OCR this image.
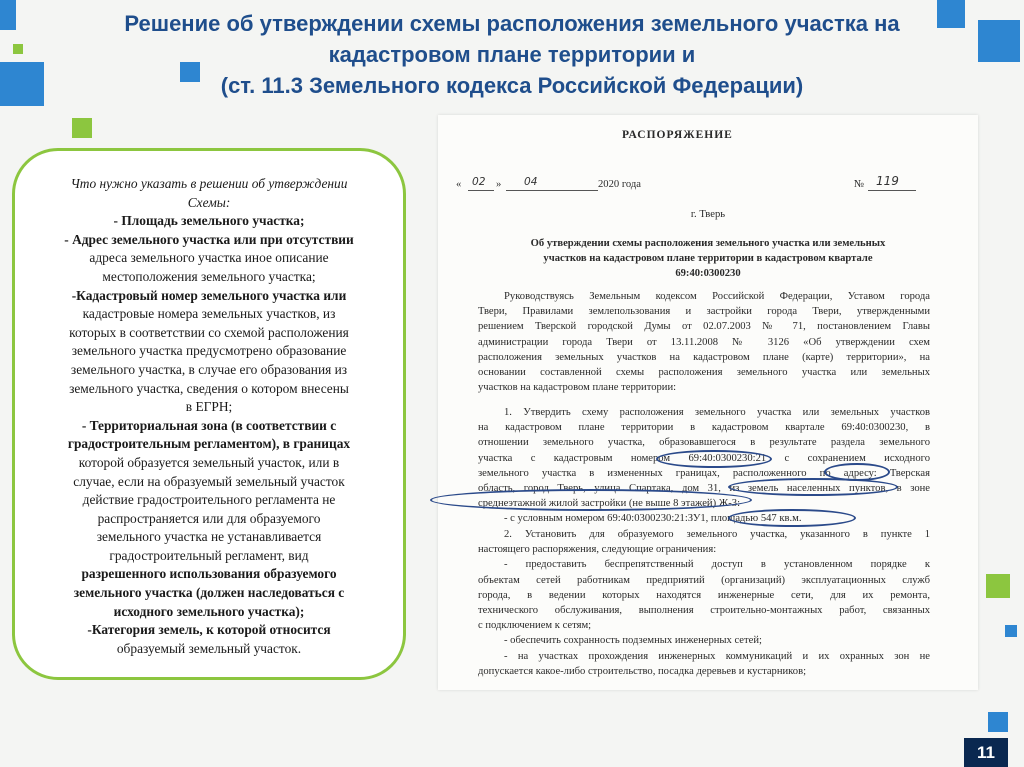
Решение об утверждении схемы расположения земельного участка на
кадастровом плане территории и
(ст. 11.3 Земельного кодекса Российской Федерации)
Что нужно указать в решении об утверждении
Схемы:
- Площадь земельного участка;
- Адрес земельного участка или при отсутствии
адреса земельного участка иное описание
местоположения земельного участка;
-Кадастровый номер земельного участка или
кадастровые номера земельных участков, из
которых в соответствии со схемой расположения
земельного участка предусмотрено образование
земельного участка, в случае его образования из
земельного участка, сведения о котором внесены
в ЕГРН;
- Территориальная зона (в соответствии с
градостроительным регламентом), в границах
которой образуется земельный участок, или в
случае, если на образуемый земельный участок
действие градостроительного регламента не
распространяется или для образуемого
земельного участка не устанавливается
градостроительный регламент, вид
разрешенного использования образуемого
земельного участка (должен наследоваться с
исходного земельного участка);
-Категория земель, к которой относится
образуемый земельный участок.
РАСПОРЯЖЕНИЕ
« 02 » 04	2020 года	№ 119
г. Тверь
Об утверждении схемы расположения земельного участка или земельных
участков на кадастровом плане территории в кадастровом квартале
69:40:0300230
Руководствуясь Земельным кодексом Российской Федерации, Уставом города
Твери, Правилами землепользования и застройки города Твери, утвержденными
решением Тверской городской Думы от 02.07.2003 № 71, постановлением Главы
администрации города Твери от 13.11.2008 № 3126 «Об утверждении схем
расположения земельных участков на кадастровом плане (карте) территории», на
основании составленной схемы расположения земельного участка или земельных
участков на кадастровом плане территории:
1. Утвердить схему расположения земельного участка или земельных участков
на кадастровом плане территории в кадастровом квартале 69:40:0300230, в
отношении земельного участка, образовавшегося в результате раздела земельного
участка с кадастровым номером 69:40:0300230:21 с сохранением исходного
земельного участка в измененных границах, расположенного по адресу: Тверская
область, город Тверь, улица Спартака, дом 31, из земель населенных пунктов, в зоне
среднеэтажной жилой застройки (не выше 8 этажей) Ж-3:
- с условным номером 69:40:0300230:21:ЗУ1, площадью 547 кв.м.
2. Установить для образуемого земельного участка, указанного в пункте 1
настоящего распоряжения, следующие ограничения:
- предоставить беспрепятственный доступ в установленном порядке к
объектам сетей работникам предприятий (организаций) эксплуатационных служб
города, в ведении которых находятся инженерные сети, для их ремонта,
технического обслуживания, выполнения строительно-монтажных работ, связанных
с подключением к сетям;
- обеспечить сохранность подземных инженерных сетей;
- на участках прохождения инженерных коммуникаций и их охранных зон не
допускается какое-либо строительство, посадка деревьев и кустарников;
11
